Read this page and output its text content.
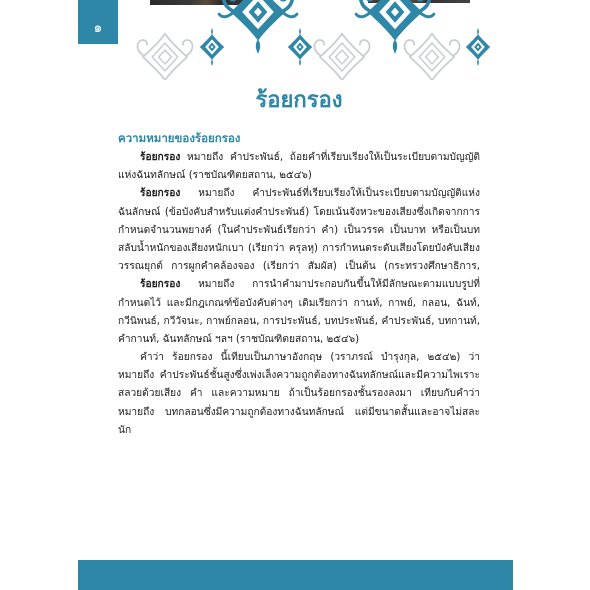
๑
ร้อยกรอง
ความหมายของร้อยกรอง
ร้อยกรอง หมายถึง คำประพันธ์, ถ้อยคำที่เรียบเรียงให้เป็นระเบียบตามบัญญัติ
แห่งฉันทลักษณ์ (ราชบัณฑิตยสถาน, ๒๕๔๖)
ร้อยกรอง หมายถึง คำประพันธ์ที่เรียบเรียงให้เป็นระเบียบตามบัญญัติแห่ง
ฉันลักษณ์ (ข้อบังคับสำหรับแต่งคำประพันธ์) โดยเน้นจังหวะของเสียงซึ่งเกิดจากการ
กำหนดจำนวนพยางค์ (ในคำประพันธ์เรียกว่า คำ) เป็นวรรค เป็นบาท หรือเป็นบท
สลับน้ำหนักของเสียงหนักเบา (เรียกว่า ครุลหุ) การกำหนดระดับเสียงโดยบังคับเสียง
วรรณยุกต์ การผูกคำคล้องจอง (เรียกว่า สัมผัส) เป็นต้น (กระทรวงศึกษาธิการ,
ร้อยกรอง หมายถึง การนำคำมาประกอบกันขึ้นให้มีลักษณะตามแบบรูปที่
กำหนดไว้ และมีกฎเกณฑ์ข้อบังคับต่างๆ เดิมเรียกว่า กานท์, กาพย์, กลอน, ฉันท์,
กวีนิพนธ์, กวีวัจนะ, กาพย์กลอน, การประพันธ์, บทประพันธ์, คำประพันธ์, บทกานท์,
คำกานท์, ฉันทลักษณ์ ฯลฯ (ราชบัณฑิตยสถาน, ๒๕๔๖)
คำว่า ร้อยกรอง นี้เทียบเป็นภาษาอังกฤษ (วราภรณ์ บำรุงกุล, ๒๕๔๒) ว่า
หมายถึง คำประพันธ์ชั้นสูงซึ่งเพ่งเล็งความถูกต้องทางฉันทลักษณ์และมีความไพเราะ
สลวยด้วยเสียง คำ และความหมาย ถ้าเป็นร้อยกรองชั้นรองลงมา เทียบกับคำว่า
หมายถึง บทกลอนซึ่งมีความถูกต้องทางฉันทลักษณ์ แต่มีขนาดสั้นและอาจไม่สละ
นัก
